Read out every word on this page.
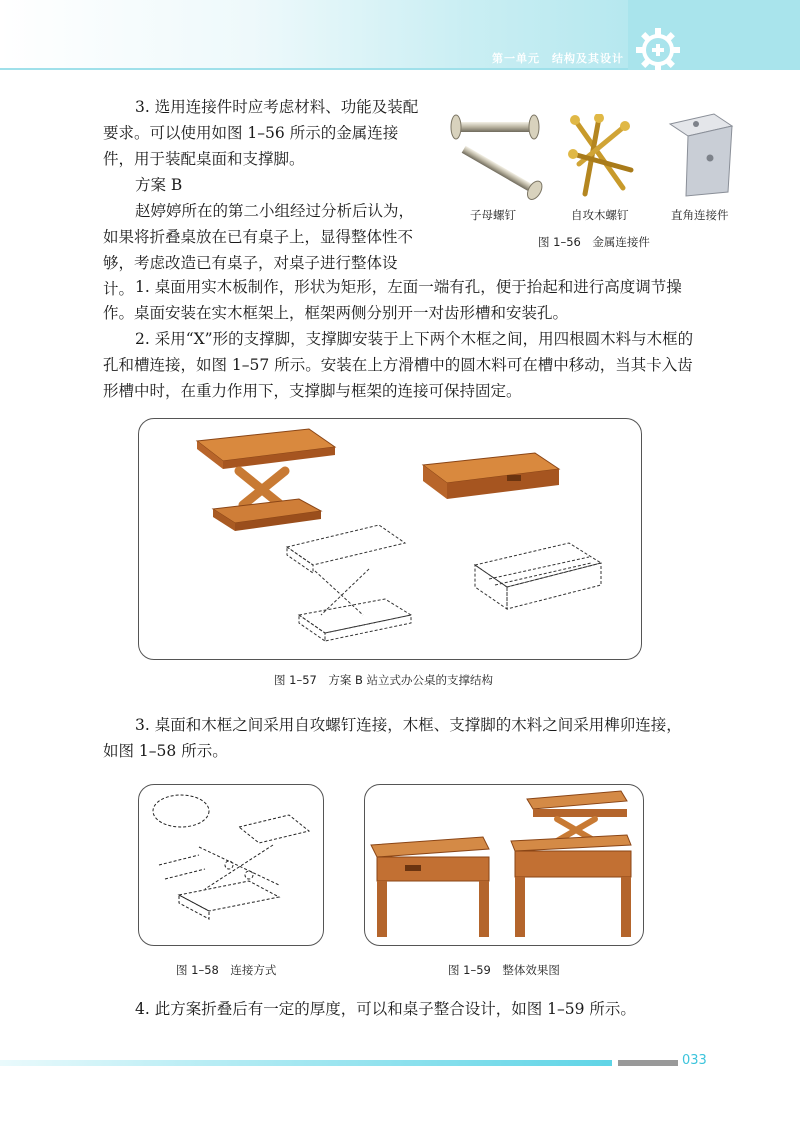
第一单元 结构及其设计

3. 选用连接件时应考虑材料、功能及装配要求。可以使用如图 1–56 所示的金属连接件，用于装配桌面和支撑脚。

方案 B

赵婷婷所在的第二小组经过分析后认为，如果将折叠桌放在已有桌子上，显得整体性不够，考虑改造已有桌子，对桌子进行整体设计。

子母螺钉	自攻木螺钉	直角连接件
图 1–56　金属连接件

1. 桌面用实木板制作，形状为矩形，左面一端有孔，便于抬起和进行高度调节操作。桌面安装在实木框架上，框架两侧分别开一对齿形槽和安装孔。

2. 采用“X”形的支撑脚，支撑脚安装于上下两个木框之间，用四根圆木料与木框的孔和槽连接，如图 1–57 所示。安装在上方滑槽中的圆木料可在槽中移动，当其卡入齿形槽中时，在重力作用下，支撑脚与框架的连接可保持固定。

图 1–57　方案 B 站立式办公桌的支撑结构

3. 桌面和木框之间采用自攻螺钉连接，木框、支撑脚的木料之间采用榫卯连接，如图 1–58 所示。

图 1–58　连接方式	图 1–59　整体效果图

4. 此方案折叠后有一定的厚度，可以和桌子整合设计，如图 1–59 所示。

033
